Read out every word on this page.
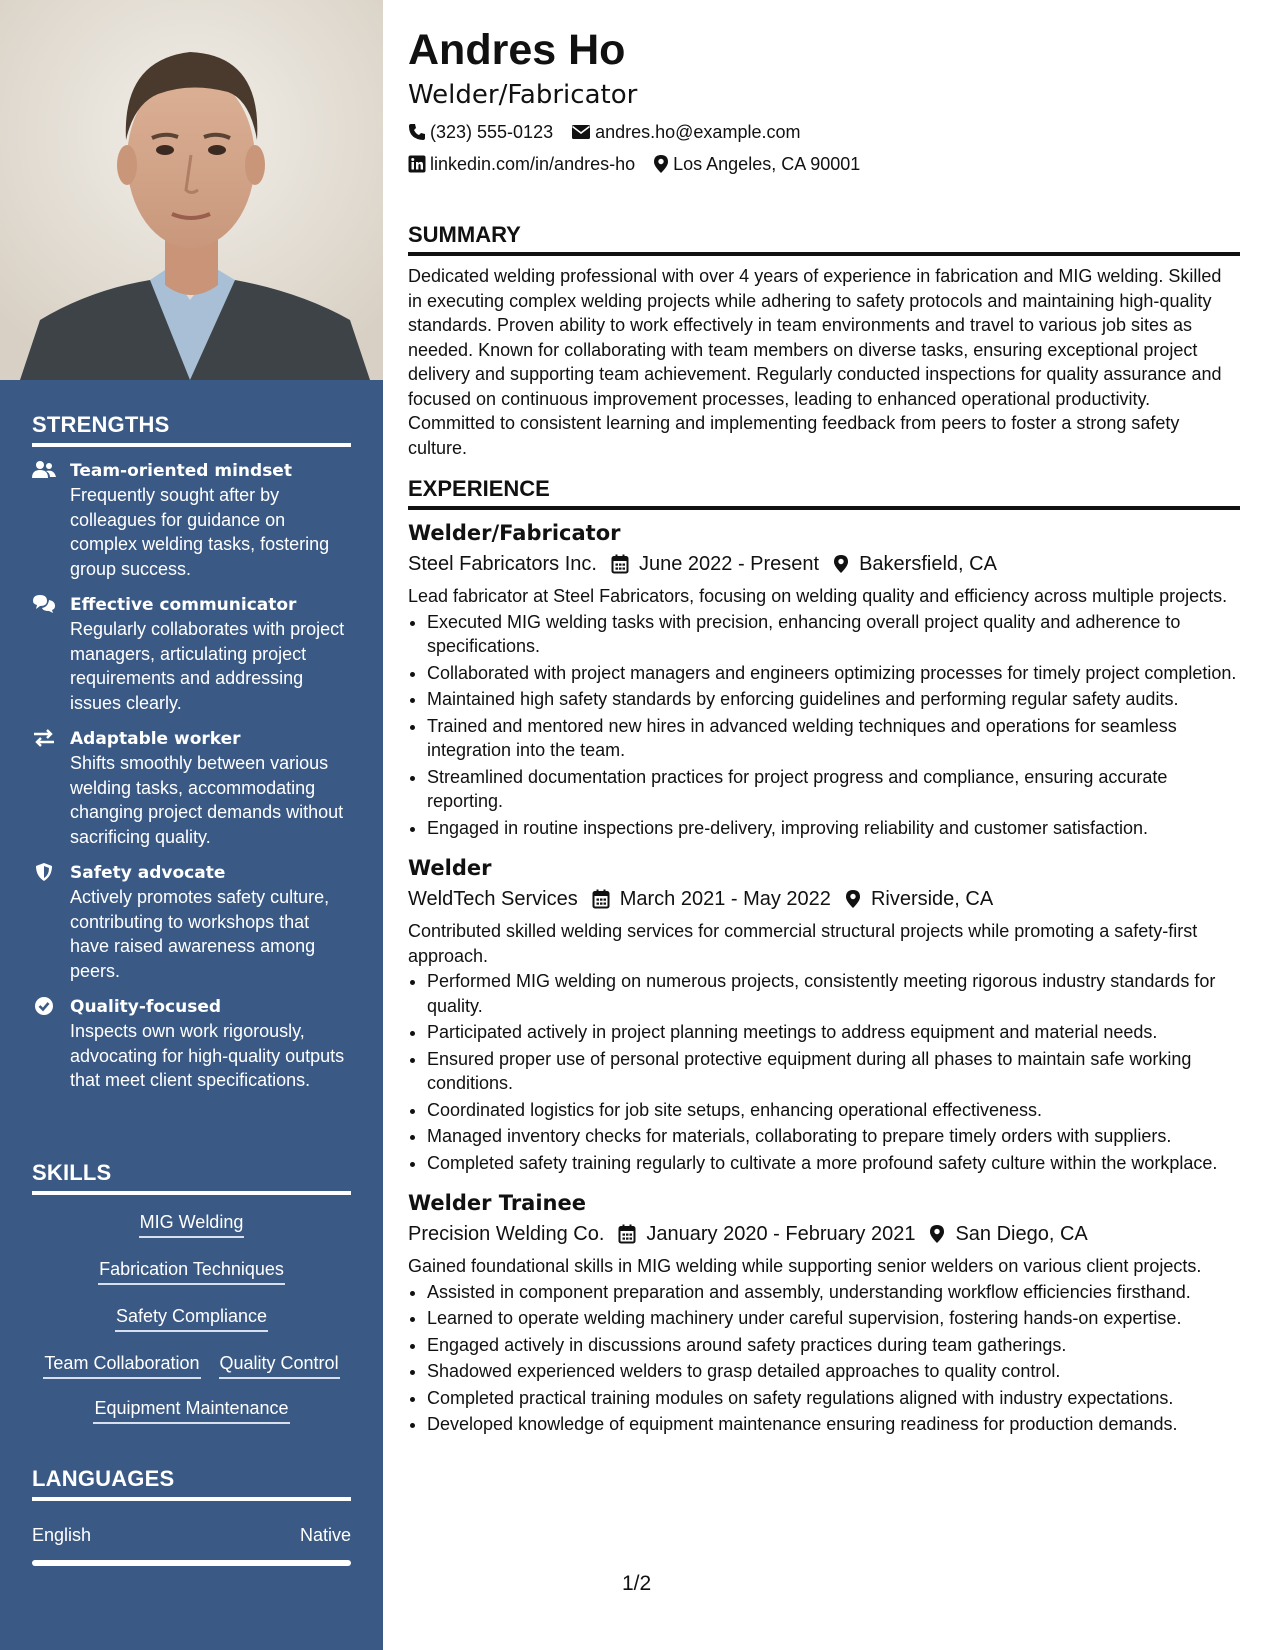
STRENGTHS
Team-oriented mindset
Frequently sought after by colleagues for guidance on complex welding tasks, fostering group success.
Effective communicator
Regularly collaborates with project managers, articulating project requirements and addressing issues clearly.
Adaptable worker
Shifts smoothly between various welding tasks, accommodating changing project demands without sacrificing quality.
Safety advocate
Actively promotes safety culture, contributing to workshops that have raised awareness among peers.
Quality-focused
Inspects own work rigorously, advocating for high-quality outputs that meet client specifications.
SKILLS
MIG Welding
Fabrication Techniques
Safety Compliance
Team Collaboration Quality Control
Equipment Maintenance
LANGUAGES
English	Native
Andres Ho
Welder/Fabricator
(323) 555-0123 andres.ho@example.com
linkedin.com/in/andres-ho Los Angeles, CA 90001
SUMMARY

Dedicated welding professional with over 4 years of experience in fabrication and MIG welding. Skilled in executing complex welding projects while adhering to safety protocols and maintaining high-quality standards. Proven ability to work effectively in team environments and travel to various job sites as needed. Known for collaborating with team members on diverse tasks, ensuring exceptional project delivery and supporting team achievement. Regularly conducted inspections for quality assurance and focused on continuous improvement processes, leading to enhanced operational productivity. Committed to consistent learning and implementing feedback from peers to foster a strong safety culture.

EXPERIENCE
Welder/Fabricator
Steel Fabricators Inc. June 2022 - Present Bakersfield, CA
Lead fabricator at Steel Fabricators, focusing on welding quality and efficiency across multiple projects.
• Executed MIG welding tasks with precision, enhancing overall project quality and adherence to specifications.
• Collaborated with project managers and engineers optimizing processes for timely project completion.
• Maintained high safety standards by enforcing guidelines and performing regular safety audits.
• Trained and mentored new hires in advanced welding techniques and operations for seamless integration into the team.
• Streamlined documentation practices for project progress and compliance, ensuring accurate reporting.
• Engaged in routine inspections pre-delivery, improving reliability and customer satisfaction.
Welder
WeldTech Services March 2021 - May 2022 Riverside, CA
Contributed skilled welding services for commercial structural projects while promoting a safety-first approach.
• Performed MIG welding on numerous projects, consistently meeting rigorous industry standards for quality.
• Participated actively in project planning meetings to address equipment and material needs.
• Ensured proper use of personal protective equipment during all phases to maintain safe working conditions.
• Coordinated logistics for job site setups, enhancing operational effectiveness.
• Managed inventory checks for materials, collaborating to prepare timely orders with suppliers.
• Completed safety training regularly to cultivate a more profound safety culture within the workplace.
Welder Trainee
Precision Welding Co. January 2020 - February 2021 San Diego, CA
Gained foundational skills in MIG welding while supporting senior welders on various client projects.
• Assisted in component preparation and assembly, understanding workflow efficiencies firsthand.
• Learned to operate welding machinery under careful supervision, fostering hands-on expertise.
• Engaged actively in discussions around safety practices during team gatherings.
• Shadowed experienced welders to grasp detailed approaches to quality control.
• Completed practical training modules on safety regulations aligned with industry expectations.
• Developed knowledge of equipment maintenance ensuring readiness for production demands.
1/2
